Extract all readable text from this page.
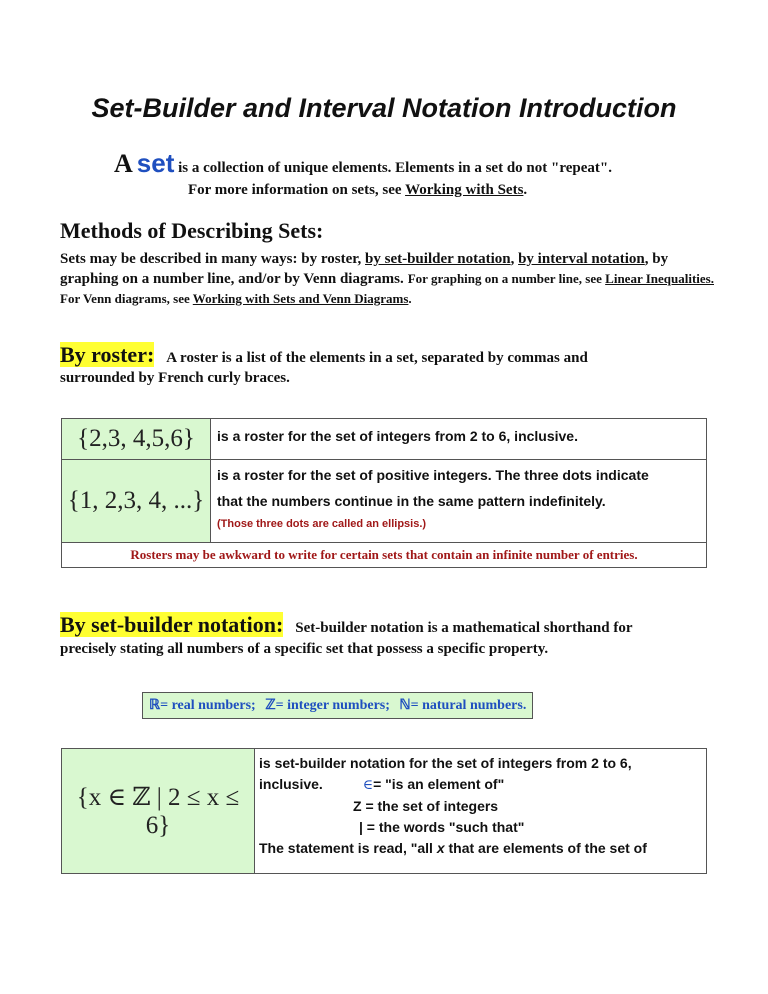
Set-Builder and Interval Notation Introduction
A set is a collection of unique elements. Elements in a set do not "repeat".
For more information on sets, see Working with Sets.
Methods of Describing Sets:
Sets may be described in many ways: by roster, by set-builder notation, by interval notation, by graphing on a number line, and/or by Venn diagrams. For graphing on a number line, see Linear Inequalities. For Venn diagrams, see Working with Sets and Venn Diagrams.
By roster: A roster is a list of the elements in a set, separated by commas and
surrounded by French curly braces.
{2,3, 4,5,6}	is a roster for the set of integers from 2 to 6, inclusive.
{1, 2,3, 4, ...}	is a roster for the set of positive integers. The three dots indicate
that the numbers continue in the same pattern indefinitely.
(Those three dots are called an ellipsis.)

Rosters may be awkward to write for certain sets that contain an infinite number of entries.	
By set-builder notation: Set-builder notation is a mathematical shorthand for
precisely stating all numbers of a specific set that possess a specific property.
ℝ= real numbers; ℤ= integer numbers; ℕ= natural numbers.
{x ∈ ℤ | 2 ≤ x ≤ 6}	
is set-builder notation for the set of integers from 2 to 6,
inclusive.	∈= "is an element of"
Z = the set of integers
| = the words "such that"
The statement is read, "all x that are elements of the set of
